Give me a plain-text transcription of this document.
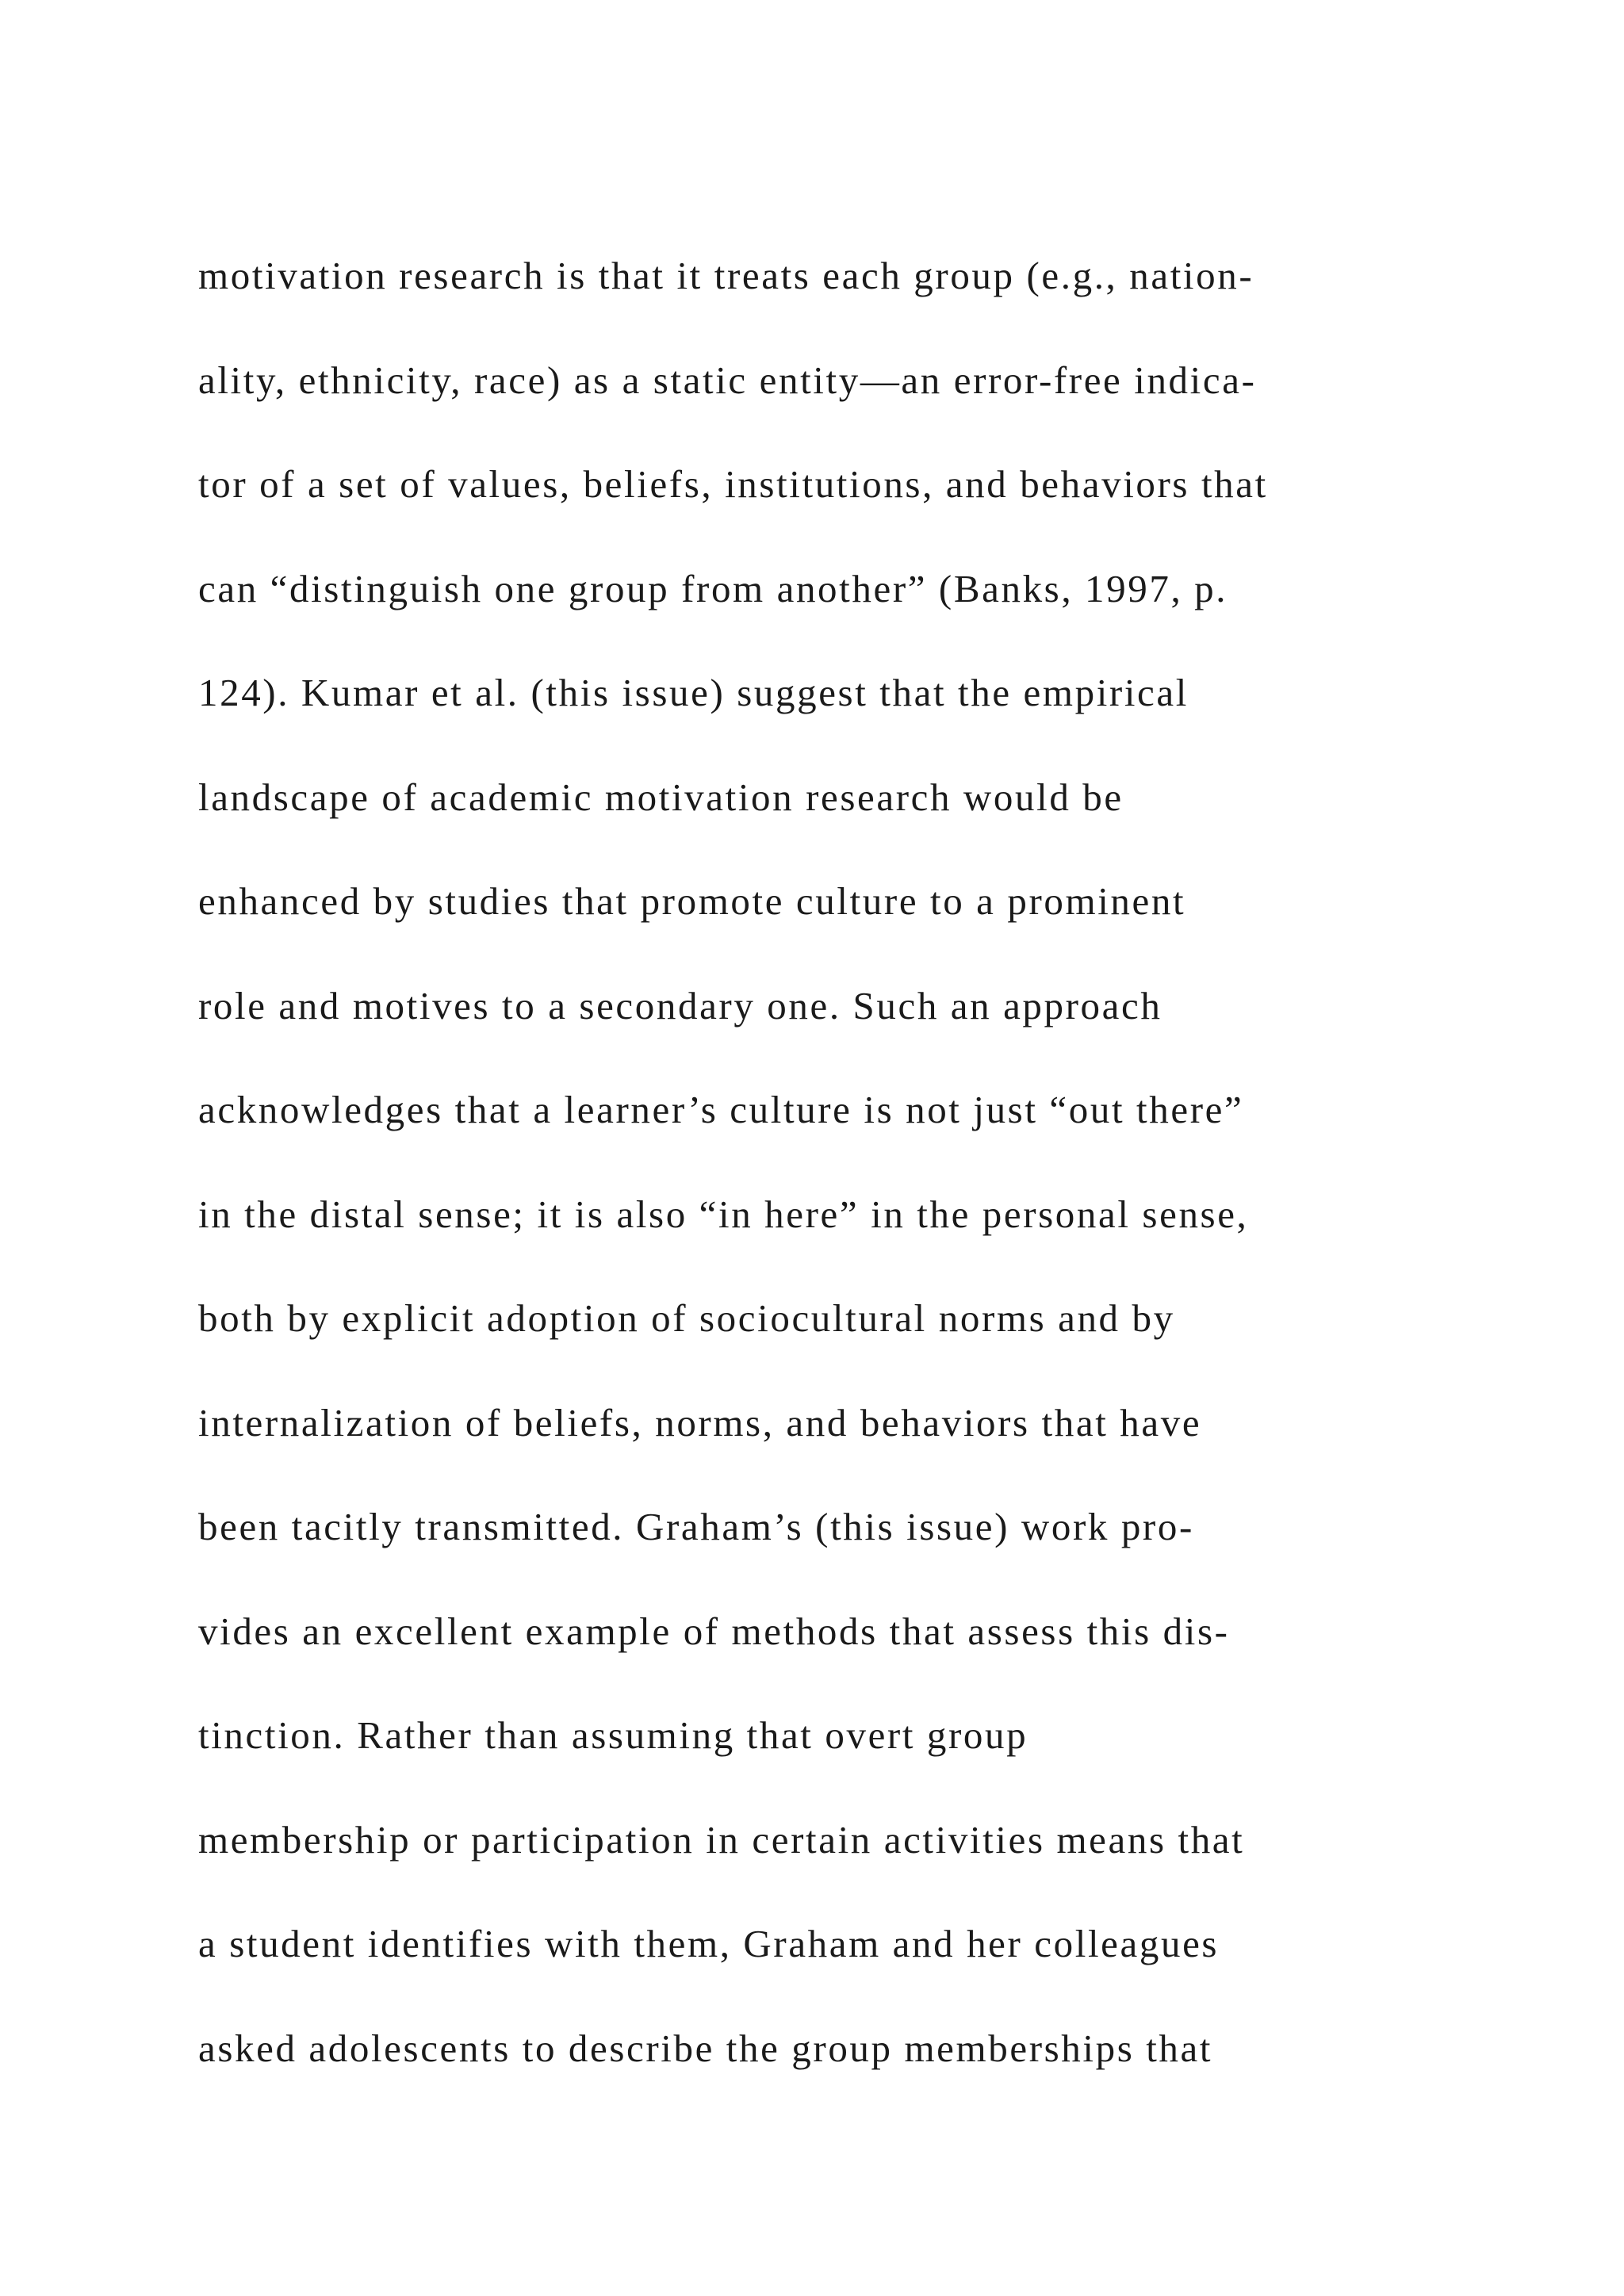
motivation research is that it treats each group (e.g., nation-
ality, ethnicity, race) as a static entity—an error-free indica-
tor of a set of values, beliefs, institutions, and behaviors that
can “distinguish one group from another” (Banks, 1997, p.
124). Kumar et al. (this issue) suggest that the empirical
landscape of academic motivation research would be
enhanced by studies that promote culture to a prominent
role and motives to a secondary one. Such an approach
acknowledges that a learner’s culture is not just “out there”
in the distal sense; it is also “in here” in the personal sense,
both by explicit adoption of sociocultural norms and by
internalization of beliefs, norms, and behaviors that have
been tacitly transmitted. Graham’s (this issue) work pro-
vides an excellent example of methods that assess this dis-
tinction. Rather than assuming that overt group
membership or participation in certain activities means that
a student identifies with them, Graham and her colleagues
asked adolescents to describe the group memberships that
